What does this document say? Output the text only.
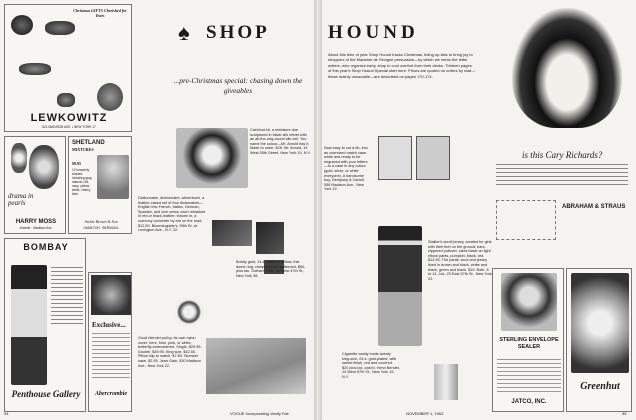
Christmas GIFTS Cherished for Years
LEWKOWITZ
521 MADISON AVE. • NEW YORK 17
SHETLAND
MIXTURES
$9.95
12 heavenly shades including gray, natural, red, navy, yellow, white, cherry, blue
Archie Brown & Son
HAMILTON · BERMUDA
drama in pearls
HARRY MOSS
Jeweler · Madison Ave.
BOMBAY
Penthouse Gallery
Exclusive...
Abercrombie
♠ SHOP
...pre-Christmas special: chasing down the giveables
Cat'sfoot kit, a miniature doe sculptured in black silk velvet with an all-the-way-round silk veil. You name the colour—Mr. Arnold has it. Made to order. $25. Mr. Arnold, 19 West 55th Street, New York 19, N.Y.
Dictionnaire, dictionnaire, wirkerbuch, a leather-cased set of four dictionaries—English into French, Italian, German, Spanish, and vice versa; each miniature in red or black leather; thrown in, a currency converter by ear on the road. $12.50. Bloomingdale's, 59th St. at Lexington Ave., N.Y. 22.
Bobby gold, 14-k. white or yellow, this dome ring, chequerboard-patterned, $60, plus tax. Gotham Gifts, 11 West 47th St., New York 36.
Good blender policy, its own nylon cover, here, blue, pink, or white, butterfly-embroidered. Single, $29.95. Double, $39.95. King size, $42.50. Pillow slip to match, $7.50. Slumber case, $2.95. Jean Gale, 530 Madison Ave., New York 22.
94	VOGUE Incorporating Vanity Fair
HOUND
About this time of year Shop Hound tracks Christmas, tiding up-lists to bring joy to shoppers of the Madame de Sévigné persuasion—by which we mean the letter writers, who organize early, shop in cool comfort from their desks. Thirteen pages of this year's Shop Hound Special start here. Prices are quoted on orders by mail—these mainly unusuable—are described on pages 170-174.
Now easy to cut a rib, into an oversized match case, white and ready to be engraved with your letters—to a case in any colour (gold, silver, or white everyone). A handsome buy. Dempsey & Carroll, 556 Madison Ave., New York 22.
Stalker's scroll jersey, created for girls with their feet on the ground; bark-zippered pullover, sizes black on light elbow pants, pumpkin, black, red. $14.95. The pants, wool and jersey lined in brown and black, white and black, green and black. $15. Both. 8 to 14. Jax, 23 East 57th St., New York 22.
Cigarette caddy holds twenty king-size; 24-k. gold-plated, with swivel finish, red and covered. $20 plus tax, post'd. Henri Bendel, 10 West 57th St., New York 19, N.Y.
is this Cary Richards?
ABRAHAM & STRAUS
STERLING ENVELOPE SEALER
JATCO, INC.
Greenhut
NOVEMBER 1, 1963	95
